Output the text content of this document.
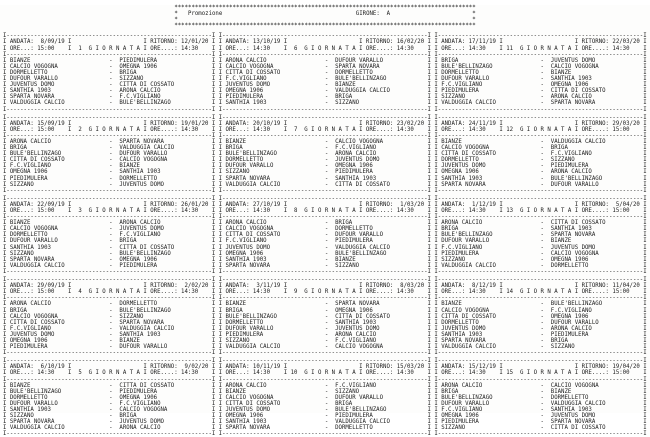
****************************************************************************************
*   Promozione                                       GIRONE:  A                        *
*                                                                                      *
****************************************************************************************
I------------------------------------------------------------I
I ANDATA:  8/09/19 I                     I RITORNO: 12/01/20 I
I ORE...: 15:00    I  1  G I O R N A T A I ORE....: 14:30    I
I------------------------------------------------------------I
I BIANZE                       -  PIEDIMULERA                I
I CALCIO VOGOGNA               -  OMEGNA 1906                I
I DORMELLETTO                  -  BRIGA                      I
I DUFOUR VARALLO               -  SIZZANO                    I
I JUVENTUS DOMO                -  CITTA DI COSSATO           I
I SANTHIA 1903                 -  ARONA CALCIO               I
I SPARTA NOVARA                -  F.C.VIGLIANO               I
I VALDUGGIA CALCIO             -  BULE'BELLINZAGO            I
I------------------------------------------------------------I
I------------------------------------------------------------I
I ANDATA: 15/09/19 I                     I RITORNO: 19/01/20 I
I ORE...: 15:00    I  2  G I O R N A T A I ORE....: 14:30    I
I------------------------------------------------------------I
I ARONA CALCIO                 -  SPARTA NOVARA              I
I BRIGA                        -  VALDUGGIA CALCIO           I
I BULE'BELLINZAGO              -  DUFOUR VARALLO             I
I CITTA DI COSSATO             -  CALCIO VOGOGNA             I
I F.C.VIGLIANO                 -  BIANZE                     I
I OMEGNA 1906                  -  SANTHIA 1903               I
I PIEDIMULERA                  -  DORMELLETTO                I
I SIZZANO                      -  JUVENTUS DOMO              I
I------------------------------------------------------------I
I------------------------------------------------------------I
I ANDATA: 22/09/19 I                     I RITORNO: 26/01/20 I
I ORE...: 15:00    I  3  G I O R N A T A I ORE....: 14:30    I
I------------------------------------------------------------I
I BIANZE                       -  ARONA CALCIO               I
I CALCIO VOGOGNA               -  JUVENTUS DOMO              I
I DORMELLETTO                  -  F.C.VIGLIANO               I
I DUFOUR VARALLO               -  BRIGA                      I
I SANTHIA 1903                 -  CITTA DI COSSATO           I
I SIZZANO                      -  BULE'BELLINZAGO            I
I SPARTA NOVARA                -  OMEGNA 1906                I
I VALDUGGIA CALCIO             -  PIEDIMULERA                I
I------------------------------------------------------------I
I------------------------------------------------------------I
I ANDATA: 29/09/19 I                     I RITORNO:  2/02/20 I
I ORE...: 15:00    I  4  G I O R N A T A I ORE....: 14:30    I
I------------------------------------------------------------I
I ARONA CALCIO                 -  DORMELLETTO                I
I BRIGA                        -  BULE'BELLINZAGO            I
I CALCIO VOGOGNA               -  SIZZANO                    I
I CITTA DI COSSATO             -  SPARTA NOVARA              I
I F.C.VIGLIANO                 -  VALDUGGIA CALCIO           I
I JUVENTUS DOMO                -  SANTHIA 1903               I
I OMEGNA 1906                  -  BIANZE                     I
I PIEDIMULERA                  -  DUFOUR VARALLO             I
I------------------------------------------------------------I
I------------------------------------------------------------I
I ANDATA:  6/10/19 I                     I RITORNO:  9/02/20 I
I ORE...: 14:30    I  5  G I O R N A T A I ORE....: 14:30    I
I------------------------------------------------------------I
I BIANZE                       -  CITTA DI COSSATO           I
I BULE'BELLINZAGO              -  PIEDIMULERA                I
I DORMELLETTO                  -  OMEGNA 1906                I
I DUFOUR VARALLO               -  F.C.VIGLIANO               I
I SANTHIA 1903                 -  CALCIO VOGOGNA             I
I SIZZANO                      -  BRIGA                      I
I SPARTA NOVARA                -  JUVENTUS DOMO              I
I VALDUGGIA CALCIO             -  ARONA CALCIO               I
I------------------------------------------------------------I
I------------------------------------------------------------I
I ANDATA: 13/10/19 I                     I RITORNO: 16/02/20 I
I ORE...: 14:30    I  6  G I O R N A T A I ORE....: 14:30    I
I------------------------------------------------------------I
I ARONA CALCIO                 -  DUFOUR VARALLO             I
I CALCIO VOGOGNA               -  SPARTA NOVARA              I
I CITTA DI COSSATO             -  DORMELLETTO                I
I F.C.VIGLIANO                 -  BULE'BELLINZAGO            I
I JUVENTUS DOMO                -  BIANZE                     I
I OMEGNA 1906                  -  VALDUGGIA CALCIO           I
I PIEDIMULERA                  -  BRIGA                      I
I SANTHIA 1903                 -  SIZZANO                    I
I------------------------------------------------------------I
I------------------------------------------------------------I
I ANDATA: 20/10/19 I                     I RITORNO: 23/02/20 I
I ORE...: 14:30    I  7  G I O R N A T A I ORE....: 14:30    I
I------------------------------------------------------------I
I BIANZE                       -  CALCIO VOGOGNA             I
I BRIGA                        -  F.C.VIGLIANO               I
I BULE'BELLINZAGO              -  ARONA CALCIO               I
I DORMELLETTO                  -  JUVENTUS DOMO              I
I DUFOUR VARALLO               -  OMEGNA 1906                I
I SIZZANO                      -  PIEDIMULERA                I
I SPARTA NOVARA                -  SANTHIA 1903               I
I VALDUGGIA CALCIO             -  CITTA DI COSSATO           I
I------------------------------------------------------------I
I------------------------------------------------------------I
I ANDATA: 27/10/19 I                     I RITORNO:  1/03/20 I
I ORE...: 14:30    I  8  G I O R N A T A I ORE....: 14:30    I
I------------------------------------------------------------I
I ARONA CALCIO                 -  BRIGA                      I
I CALCIO VOGOGNA               -  DORMELLETTO                I
I CITTA DI COSSATO             -  DUFOUR VARALLO             I
I F.C.VIGLIANO                 -  PIEDIMULERA                I
I JUVENTUS DOMO                -  VALDUGGIA CALCIO           I
I OMEGNA 1906                  -  BULE'BELLINZAGO            I
I SANTHIA 1903                 -  BIANZE                     I
I SPARTA NOVARA                -  SIZZANO                    I
I------------------------------------------------------------I
I------------------------------------------------------------I
I ANDATA:  3/11/19 I                     I RITORNO:  8/03/20 I
I ORE...: 14:30    I  9  G I O R N A T A I ORE....: 14:30    I
I------------------------------------------------------------I
I BIANZE                       -  SPARTA NOVARA              I
I BRIGA                        -  OMEGNA 1906                I
I BULE'BELLINZAGO              -  CITTA DI COSSATO           I
I DORMELLETTO                  -  SANTHIA 1903               I
I DUFOUR VARALLO               -  JUVENTUS DOMO              I
I PIEDIMULERA                  -  ARONA CALCIO               I
I SIZZANO                      -  F.C.VIGLIANO               I
I VALDUGGIA CALCIO             -  CALCIO VOGOGNA             I
I------------------------------------------------------------I
I------------------------------------------------------------I
I ANDATA: 10/11/19 I                     I RITORNO: 15/03/20 I
I ORE...: 14:30    I 10  G I O R N A T A I ORE....: 14:30    I
I------------------------------------------------------------I
I ARONA CALCIO                 -  F.C.VIGLIANO               I
I BIANZE                       -  SIZZANO                    I
I CALCIO VOGOGNA               -  DUFOUR VARALLO             I
I CITTA DI COSSATO             -  BRIGA                      I
I JUVENTUS DOMO                -  BULE'BELLINZAGO            I
I OMEGNA 1906                  -  PIEDIMULERA                I
I SANTHIA 1903                 -  VALDUGGIA CALCIO           I
I SPARTA NOVARA                -  DORMELLETTO                I
I------------------------------------------------------------I
I------------------------------------------------------------I
I ANDATA: 17/11/19 I                     I RITORNO: 22/03/20 I
I ORE...: 14:30    I 11  G I O R N A T A I ORE....: 14:30    I
I------------------------------------------------------------I
I BRIGA                        -  JUVENTUS DOMO              I
I BULE'BELLINZAGO              -  CALCIO VOGOGNA             I
I DORMELLETTO                  -  BIANZE                     I
I DUFOUR VARALLO               -  SANTHIA 1903               I
I F.C.VIGLIANO                 -  OMEGNA 1906                I
I PIEDIMULERA                  -  CITTA DI COSSATO           I
I SIZZANO                      -  ARONA CALCIO               I
I VALDUGGIA CALCIO             -  SPARTA NOVARA              I
I------------------------------------------------------------I
I------------------------------------------------------------I
I ANDATA: 24/11/19 I                     I RITORNO: 29/03/20 I
I ORE...: 14:30    I 12  G I O R N A T A I ORE....: 15:00    I
I------------------------------------------------------------I
I BIANZE                       -  VALDUGGIA CALCIO           I
I CALCIO VOGOGNA               -  BRIGA                      I
I CITTA DI COSSATO             -  F.C.VIGLIANO               I
I DORMELLETTO                  -  SIZZANO                    I
I JUVENTUS DOMO                -  PIEDIMULERA                I
I OMEGNA 1906                  -  ARONA CALCIO               I
I SANTHIA 1903                 -  BULE'BELLINZAGO            I
I SPARTA NOVARA                -  DUFOUR VARALLO             I
I------------------------------------------------------------I
I------------------------------------------------------------I
I ANDATA:  1/12/19 I                     I RITORNO:  5/04/20 I
I ORE...: 14:30    I 13  G I O R N A T A I ORE....: 15:00    I
I------------------------------------------------------------I
I ARONA CALCIO                 -  CITTA DI COSSATO           I
I BRIGA                        -  SANTHIA 1903               I
I BULE'BELLINZAGO              -  SPARTA NOVARA              I
I DUFOUR VARALLO               -  BIANZE                     I
I F.C.VIGLIANO                 -  JUVENTUS DOMO              I
I PIEDIMULERA                  -  CALCIO VOGOGNA             I
I SIZZANO                      -  OMEGNA 1906                I
I VALDUGGIA CALCIO             -  DORMELLETTO                I
I------------------------------------------------------------I
I------------------------------------------------------------I
I ANDATA:  8/12/19 I                     I RITORNO: 11/04/20 I
I ORE...: 14:30    I 14  G I O R N A T A I ORE....: 15:00    I
I------------------------------------------------------------I
I BIANZE                       -  BULE'BELLINZAGO            I
I CALCIO VOGOGNA               -  F.C.VIGLIANO               I
I CITTA DI COSSATO             -  OMEGNA 1906                I
I DORMELLETTO                  -  DUFOUR VARALLO             I
I JUVENTUS DOMO                -  ARONA CALCIO               I
I SANTHIA 1903                 -  PIEDIMULERA                I
I SPARTA NOVARA                -  BRIGA                      I
I VALDUGGIA CALCIO             -  SIZZANO                    I
I------------------------------------------------------------I
I------------------------------------------------------------I
I ANDATA: 15/12/19 I                     I RITORNO: 19/04/20 I
I ORE...: 14:30    I 15  G I O R N A T A I ORE....: 15:00    I
I------------------------------------------------------------I
I ARONA CALCIO                 -  CALCIO VOGOGNA             I
I BRIGA                        -  BIANZE                     I
I BULE'BELLINZAGO              -  DORMELLETTO                I
I DUFOUR VARALLO               -  VALDUGGIA CALCIO           I
I F.C.VIGLIANO                 -  SANTHIA 1903               I
I OMEGNA 1906                  -  JUVENTUS DOMO              I
I PIEDIMULERA                  -  SPARTA NOVARA              I
I SIZZANO                      -  CITTA DI COSSATO           I
I------------------------------------------------------------I
